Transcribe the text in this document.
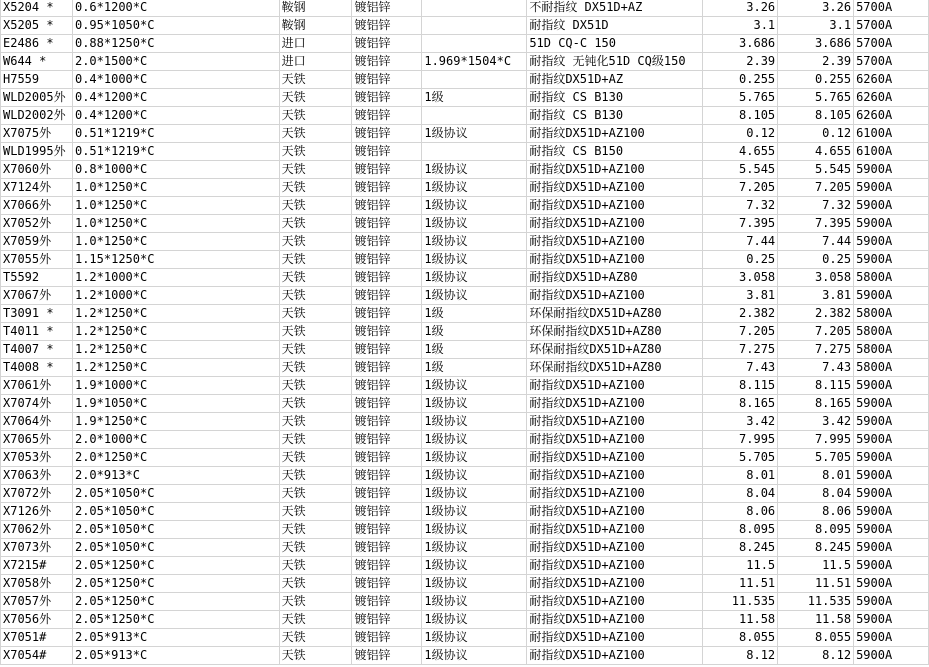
X5204 *	0.6*1200*C	鞍钢	镀铝锌		不耐指纹 DX51D+AZ	3.26	3.26	5700A
X5205 *	0.95*1050*C	鞍钢	镀铝锌		耐指纹 DX51D	3.1	3.1	5700A
E2486 *	0.88*1250*C	进口	镀铝锌		51D CQ-C 150	3.686	3.686	5700A
W644 *	2.0*1500*C	进口	镀铝锌	1.969*1504*C	耐指纹 无钝化51D CQ级150	2.39	2.39	5700A
H7559	0.4*1000*C	天铁	镀铝锌		耐指纹DX51D+AZ	0.255	0.255	6260A
WLD2005外	0.4*1200*C	天铁	镀铝锌	1级	耐指纹 CS B130	5.765	5.765	6260A
WLD2002外	0.4*1200*C	天铁	镀铝锌		耐指纹 CS B130	8.105	8.105	6260A
X7075外	0.51*1219*C	天铁	镀铝锌	1级协议	耐指纹DX51D+AZ100	0.12	0.12	6100A
WLD1995外	0.51*1219*C	天铁	镀铝锌		耐指纹 CS B150	4.655	4.655	6100A
X7060外	0.8*1000*C	天铁	镀铝锌	1级协议	耐指纹DX51D+AZ100	5.545	5.545	5900A
X7124外	1.0*1250*C	天铁	镀铝锌	1级协议	耐指纹DX51D+AZ100	7.205	7.205	5900A
X7066外	1.0*1250*C	天铁	镀铝锌	1级协议	耐指纹DX51D+AZ100	7.32	7.32	5900A
X7052外	1.0*1250*C	天铁	镀铝锌	1级协议	耐指纹DX51D+AZ100	7.395	7.395	5900A
X7059外	1.0*1250*C	天铁	镀铝锌	1级协议	耐指纹DX51D+AZ100	7.44	7.44	5900A
X7055外	1.15*1250*C	天铁	镀铝锌	1级协议	耐指纹DX51D+AZ100	0.25	0.25	5900A
T5592	1.2*1000*C	天铁	镀铝锌	1级协议	耐指纹DX51D+AZ80	3.058	3.058	5800A
X7067外	1.2*1000*C	天铁	镀铝锌	1级协议	耐指纹DX51D+AZ100	3.81	3.81	5900A
T3091 *	1.2*1250*C	天铁	镀铝锌	1级	环保耐指纹DX51D+AZ80	2.382	2.382	5800A
T4011 *	1.2*1250*C	天铁	镀铝锌	1级	环保耐指纹DX51D+AZ80	7.205	7.205	5800A
T4007 *	1.2*1250*C	天铁	镀铝锌	1级	环保耐指纹DX51D+AZ80	7.275	7.275	5800A
T4008 *	1.2*1250*C	天铁	镀铝锌	1级	环保耐指纹DX51D+AZ80	7.43	7.43	5800A
X7061外	1.9*1000*C	天铁	镀铝锌	1级协议	耐指纹DX51D+AZ100	8.115	8.115	5900A
X7074外	1.9*1050*C	天铁	镀铝锌	1级协议	耐指纹DX51D+AZ100	8.165	8.165	5900A
X7064外	1.9*1250*C	天铁	镀铝锌	1级协议	耐指纹DX51D+AZ100	3.42	3.42	5900A
X7065外	2.0*1000*C	天铁	镀铝锌	1级协议	耐指纹DX51D+AZ100	7.995	7.995	5900A
X7053外	2.0*1250*C	天铁	镀铝锌	1级协议	耐指纹DX51D+AZ100	5.705	5.705	5900A
X7063外	2.0*913*C	天铁	镀铝锌	1级协议	耐指纹DX51D+AZ100	8.01	8.01	5900A
X7072外	2.05*1050*C	天铁	镀铝锌	1级协议	耐指纹DX51D+AZ100	8.04	8.04	5900A
X7126外	2.05*1050*C	天铁	镀铝锌	1级协议	耐指纹DX51D+AZ100	8.06	8.06	5900A
X7062外	2.05*1050*C	天铁	镀铝锌	1级协议	耐指纹DX51D+AZ100	8.095	8.095	5900A
X7073外	2.05*1050*C	天铁	镀铝锌	1级协议	耐指纹DX51D+AZ100	8.245	8.245	5900A
X7215#	2.05*1250*C	天铁	镀铝锌	1级协议	耐指纹DX51D+AZ100	11.5	11.5	5900A
X7058外	2.05*1250*C	天铁	镀铝锌	1级协议	耐指纹DX51D+AZ100	11.51	11.51	5900A
X7057外	2.05*1250*C	天铁	镀铝锌	1级协议	耐指纹DX51D+AZ100	11.535	11.535	5900A
X7056外	2.05*1250*C	天铁	镀铝锌	1级协议	耐指纹DX51D+AZ100	11.58	11.58	5900A
X7051#	2.05*913*C	天铁	镀铝锌	1级协议	耐指纹DX51D+AZ100	8.055	8.055	5900A
X7054#	2.05*913*C	天铁	镀铝锌	1级协议	耐指纹DX51D+AZ100	8.12	8.12	5900A
